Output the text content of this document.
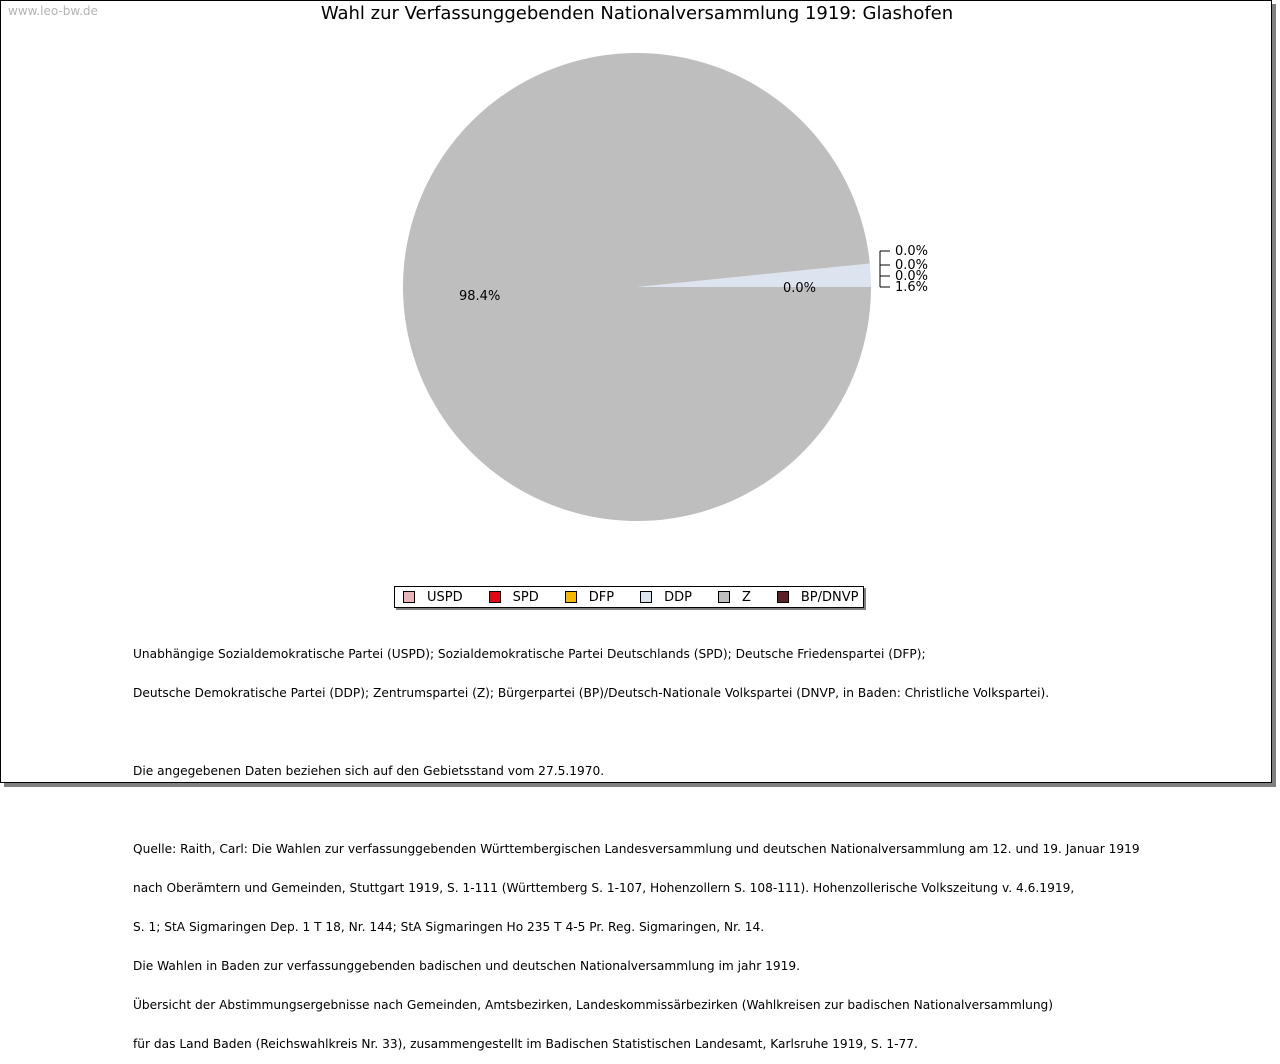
www.leo-bw.de	Wahl zur Verfassunggebenden Nationalversammlung 1919: Glashofen
98.4%
0.0%
0.0%
0.0%
0.0%
1.6%
USPD	SPD	DFP	DDP	Z	BP/DNVP

Unabhängige Sozialdemokratische Partei (USPD); Sozialdemokratische Partei Deutschlands (SPD); Deutsche Friedenspartei (DFP);

Deutsche Demokratische Partei (DDP); Zentrumspartei (Z); Bürgerpartei (BP)/Deutsch-Nationale Volkspartei (DNVP, in Baden: Christliche Volkspartei).

Die angegebenen Daten beziehen sich auf den Gebietsstand vom 27.5.1970.

Quelle: Raith, Carl: Die Wahlen zur verfassunggebenden Württembergischen Landesversammlung und deutschen Nationalversammlung am 12. und 19. Januar 1919

nach Oberämtern und Gemeinden, Stuttgart 1919, S. 1-111 (Württemberg S. 1-107, Hohenzollern S. 108-111). Hohenzollerische Volkszeitung v. 4.6.1919,

S. 1; StA Sigmaringen Dep. 1 T 18, Nr. 144; StA Sigmaringen Ho 235 T 4-5 Pr. Reg. Sigmaringen, Nr. 14.

Die Wahlen in Baden zur verfassunggebenden badischen und deutschen Nationalversammlung im jahr 1919.

Übersicht der Abstimmungsergebnisse nach Gemeinden, Amtsbezirken, Landeskommissärbezirken (Wahlkreisen zur badischen Nationalversammlung)

für das Land Baden (Reichswahlkreis Nr. 33), zusammengestellt im Badischen Statistischen Landesamt, Karlsruhe 1919, S. 1-77.
